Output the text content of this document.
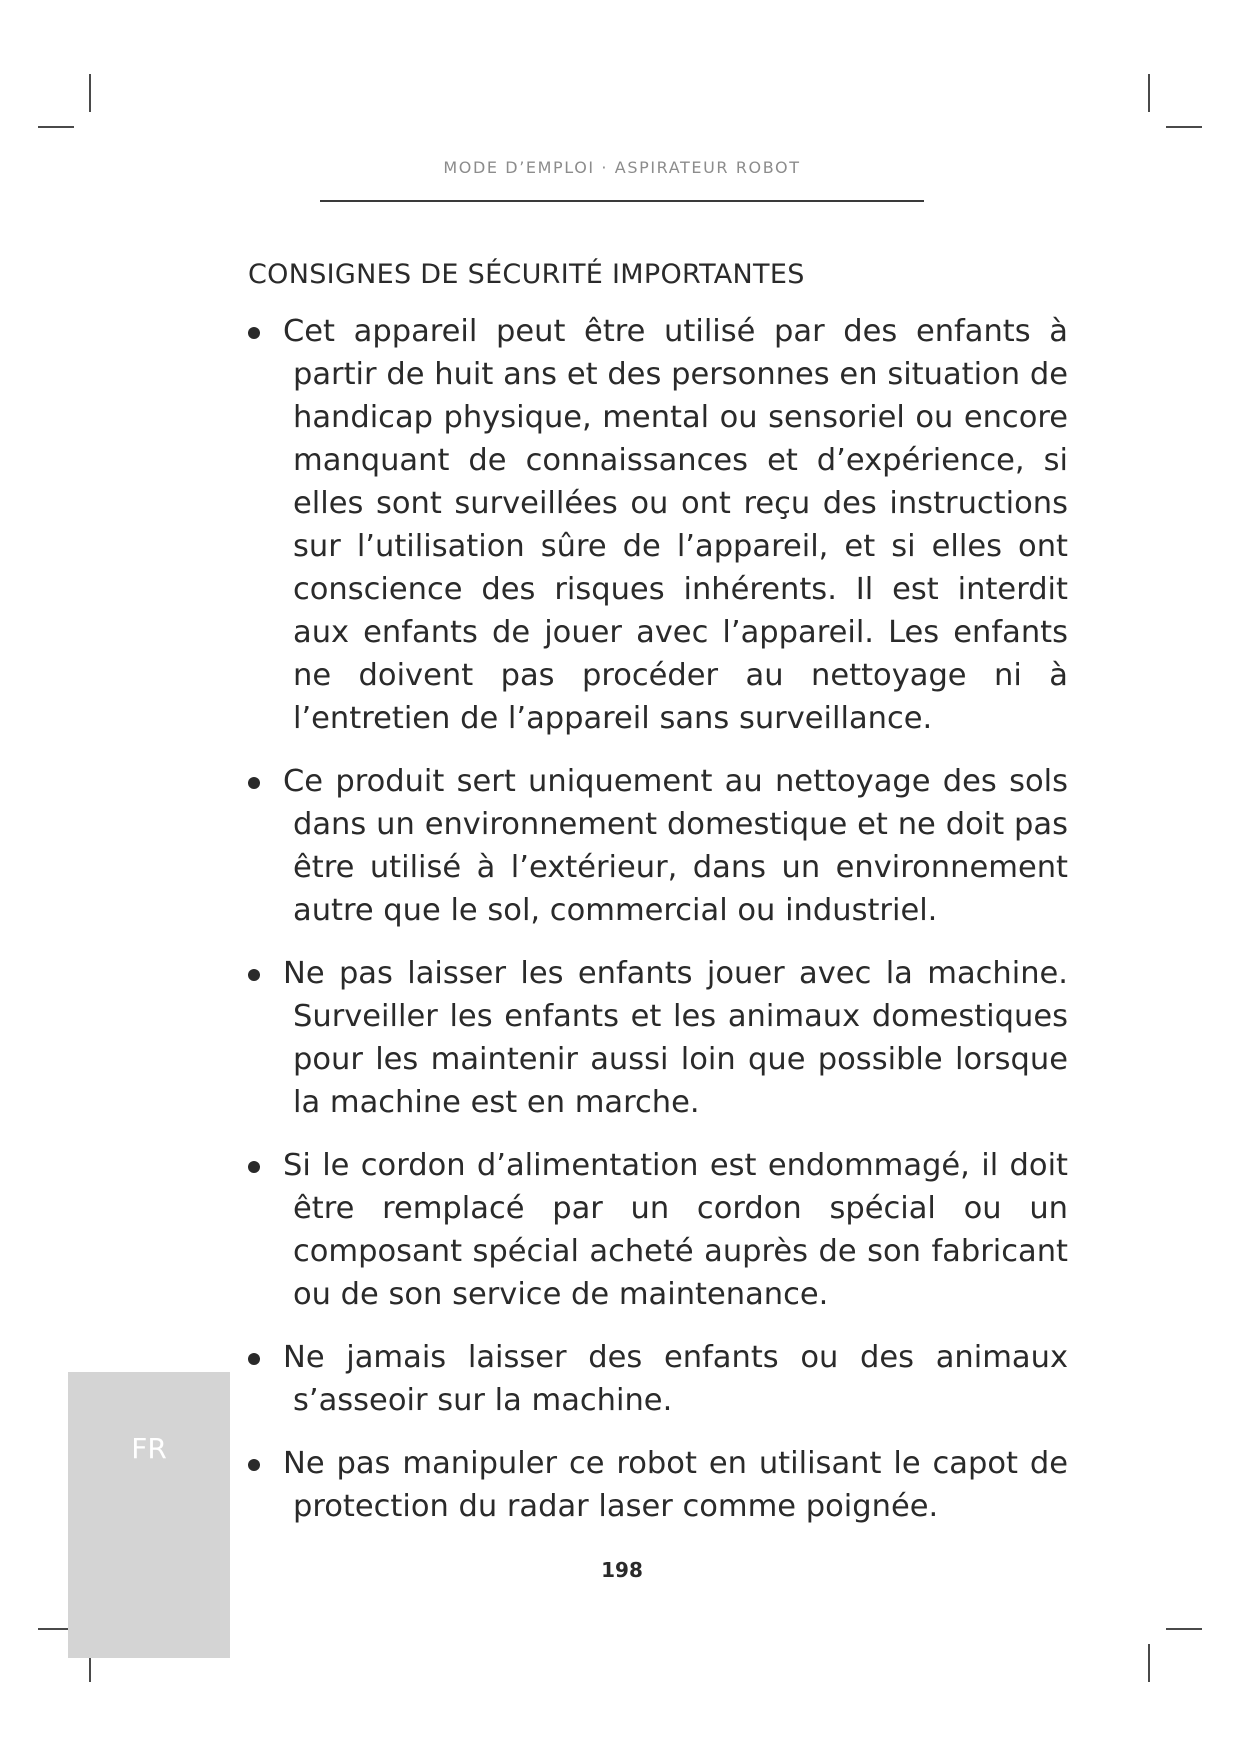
MODE D’EMPLOI · ASPIRATEUR ROBOT
CONSIGNES DE SÉCURITÉ IMPORTANTES
Cet appareil peut être utilisé par des enfants à partir de huit ans et des personnes en situation de handicap physique, mental ou sensoriel ou encore manquant de connaissances et d’expérience, si elles sont surveillées ou ont reçu des instructions sur l’utilisation sûre de l’appareil, et si elles ont conscience des risques inhérents. Il est interdit aux enfants de jouer avec l’appareil. Les enfants ne doivent pas procéder au nettoyage ni à l’entretien de l’appareil sans surveillance.
Ce produit sert uniquement au nettoyage des sols dans un environnement domestique et ne doit pas être utilisé à l’extérieur, dans un environnement autre que le sol, commercial ou industriel.
Ne pas laisser les enfants jouer avec la machine. Surveiller les enfants et les animaux domestiques pour les maintenir aussi loin que possible lorsque la machine est en marche.
Si le cordon d’alimentation est endommagé, il doit être remplacé par un cordon spécial ou un composant spécial acheté auprès de son fabricant ou de son service de maintenance.
Ne jamais laisser des enfants ou des animaux s’asseoir sur la machine.
Ne pas manipuler ce robot en utilisant le capot de protection du radar laser comme poignée.
FR
198
